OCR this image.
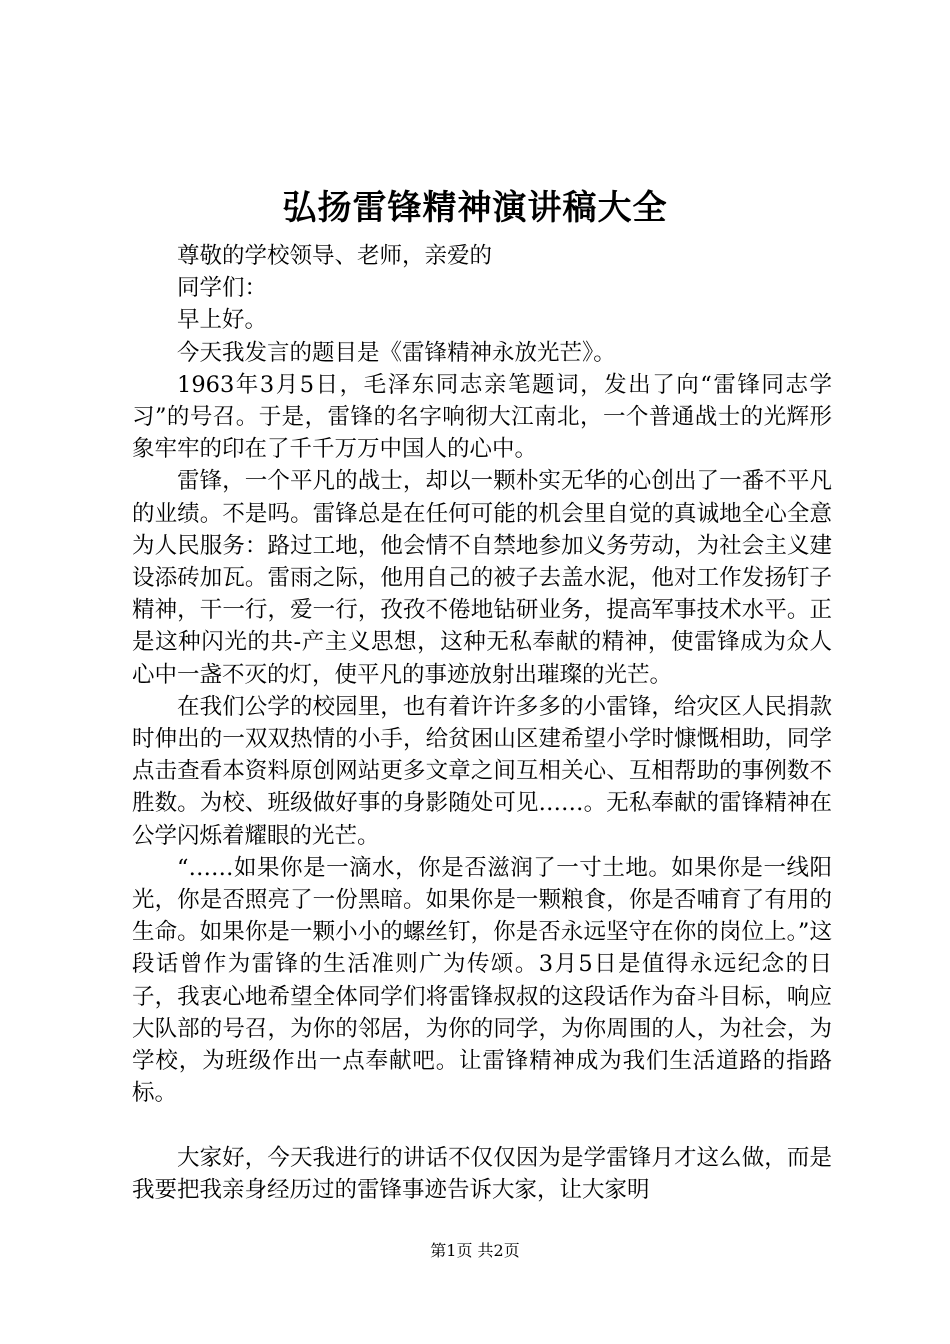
弘扬雷锋精神演讲稿大全

尊敬的学校领导、老师，亲爱的

同学们：

早上好。

今天我发言的题目是《雷锋精神永放光芒》。

1963年3月5日，毛泽东同志亲笔题词，发出了向“雷锋同志学习”的号召。于是，雷锋的名字响彻大江南北，一个普通战士的光辉形象牢牢的印在了千千万万中国人的心中。

雷锋，一个平凡的战士，却以一颗朴实无华的心创出了一番不平凡的业绩。不是吗。雷锋总是在任何可能的机会里自觉的真诚地全心全意为人民服务：路过工地，他会情不自禁地参加义务劳动，为社会主义建设添砖加瓦。雷雨之际，他用自己的被子去盖水泥，他对工作发扬钉子精神，干一行，爱一行，孜孜不倦地钻研业务，提高军事技术水平。正是这种闪光的共-产主义思想，这种无私奉献的精神，使雷锋成为众人心中一盏不灭的灯，使平凡的事迹放射出璀璨的光芒。

在我们公学的校园里，也有着许许多多的小雷锋，给灾区人民捐款时伸出的一双双热情的小手，给贫困山区建希望小学时慷慨相助，同学点击查看本资料原创网站更多文章之间互相关心、互相帮助的事例数不胜数。为校、班级做好事的身影随处可见……。无私奉献的雷锋精神在公学闪烁着耀眼的光芒。

“……如果你是一滴水，你是否滋润了一寸土地。如果你是一线阳光，你是否照亮了一份黑暗。如果你是一颗粮食，你是否哺育了有用的生命。如果你是一颗小小的螺丝钉，你是否永远坚守在你的岗位上。”这段话曾作为雷锋的生活准则广为传颂。3月5日是值得永远纪念的日子，我衷心地希望全体同学们将雷锋叔叔的这段话作为奋斗目标，响应大队部的号召，为你的邻居，为你的同学，为你周围的人，为社会，为学校，为班级作出一点奉献吧。让雷锋精神成为我们生活道路的指路标。

大家好，今天我进行的讲话不仅仅因为是学雷锋月才这么做，而是我要把我亲身经历过的雷锋事迹告诉大家，让大家明

第1页 共2页
